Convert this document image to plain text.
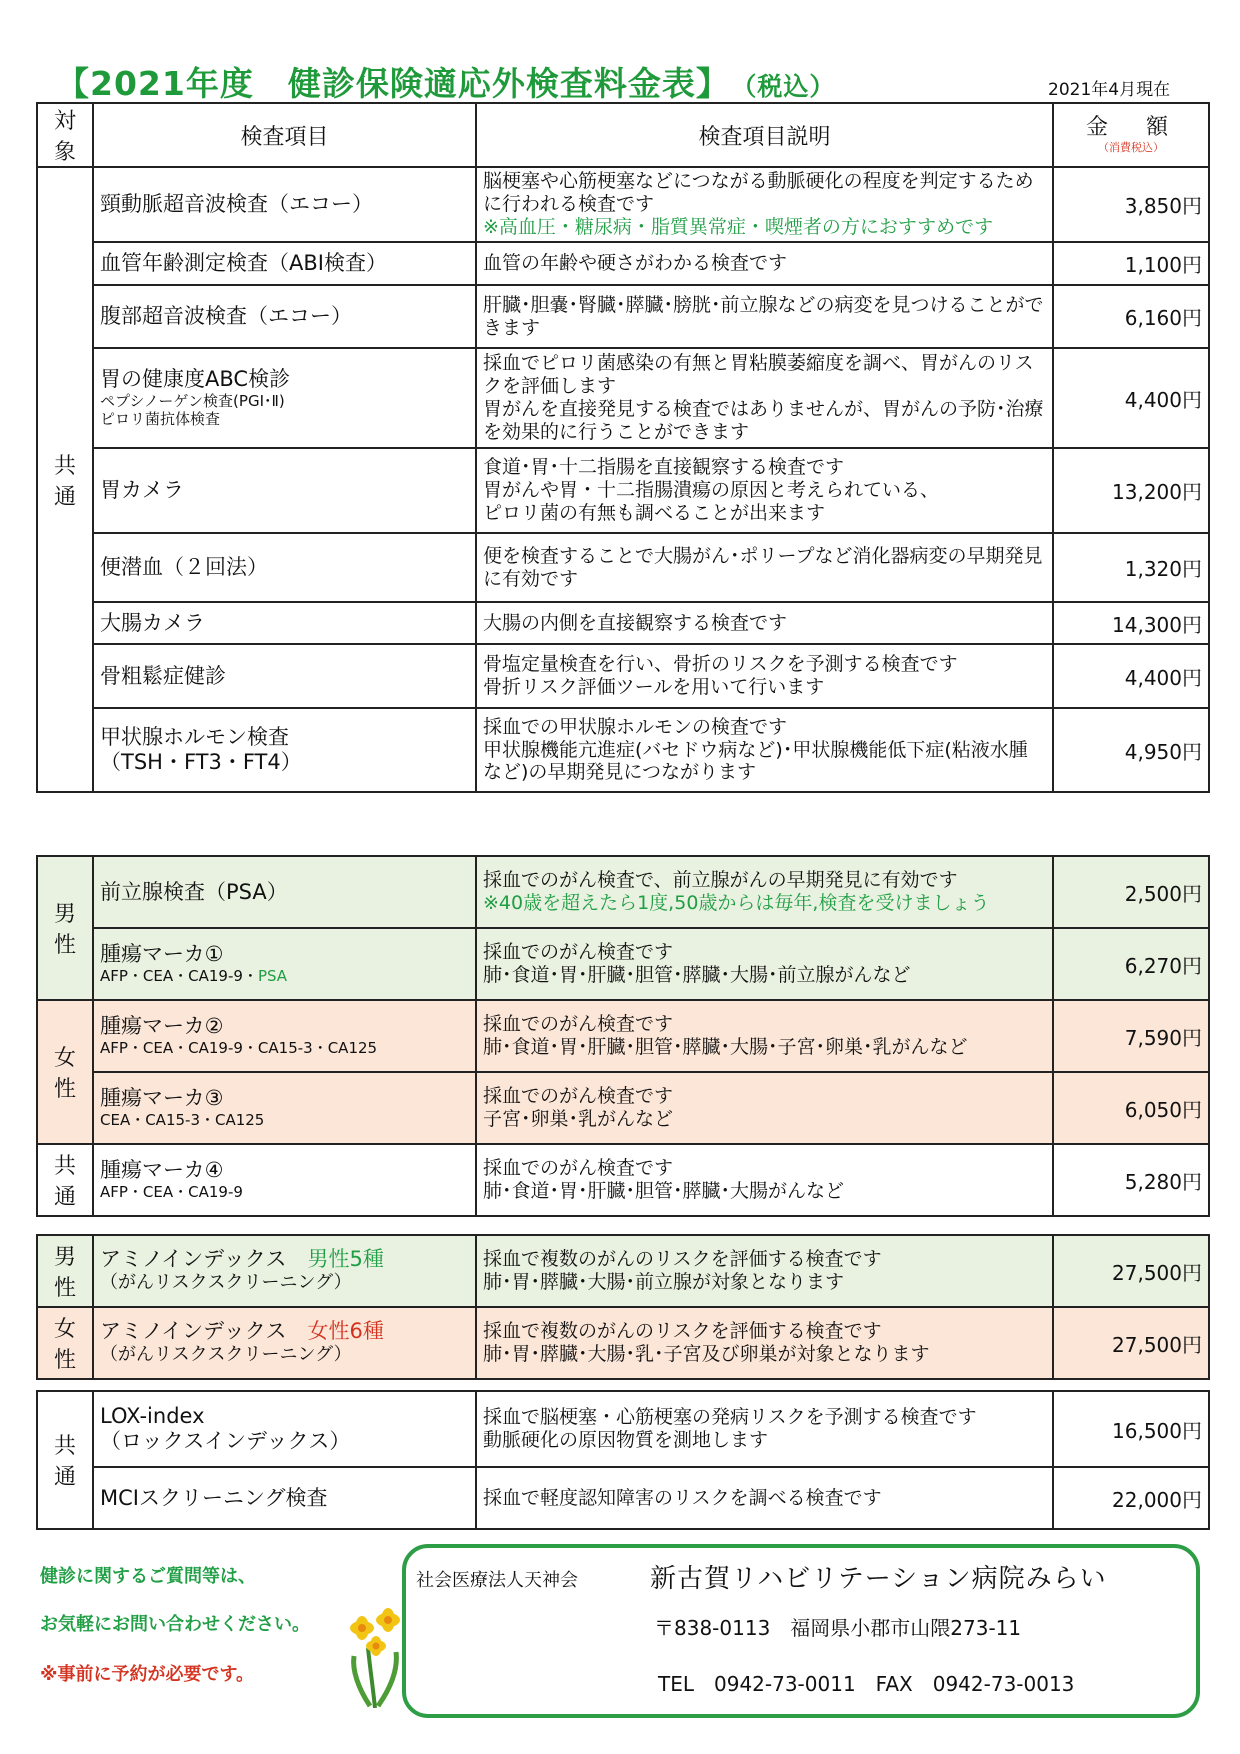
【2021年度　健診保険適応外検査料金表】 （税込）	2021年4月現在
対象	検査項目	検査項目説明	金　額
（消費税込）

共通	頸動脈超音波検査（エコー）	脳梗塞や心筋梗塞などにつながる動脈硬化の程度を判定するために行われる検査です
※高血圧・糖尿病・脂質異常症・喫煙者の方におすすめです	3,850円
	血管年齢測定検査（ABI検査）	血管の年齢や硬さがわかる検査です	1,100円
	腹部超音波検査（エコー）	肝臓･胆嚢･腎臓･膵臓･膀胱･前立腺などの病変を見つけることができます	6,160円
	胃の健康度ABC検診
ペプシノーゲン検査(PGⅠ･Ⅱ)
ピロリ菌抗体検査	採血でピロリ菌感染の有無と胃粘膜萎縮度を調べ、胃がんのリスクを評価します
胃がんを直接発見する検査ではありませんが、胃がんの予防･治療を効果的に行うことができます	4,400円
	胃カメラ	食道･胃･十二指腸を直接観察する検査です
胃がんや胃・十二指腸潰瘍の原因と考えられている、
ピロリ菌の有無も調べることが出来ます	13,200円
	便潜血（２回法）	便を検査することで大腸がん･ポリープなど消化器病変の早期発見に有効です	1,320円
	大腸カメラ	大腸の内側を直接観察する検査です	14,300円
	骨粗鬆症健診	骨塩定量検査を行い、骨折のリスクを予測する検査です
骨折リスク評価ツールを用いて行います	4,400円
	甲状腺ホルモン検査
（TSH・FT3・FT4）	採血での甲状腺ホルモンの検査です
甲状腺機能亢進症(バセドウ病など)･甲状腺機能低下症(粘液水腫など)の早期発見につながります	4,950円
男性	前立腺検査（PSA）	採血でのがん検査で、前立腺がんの早期発見に有効です
※40歳を超えたら1度,50歳からは毎年,検査を受けましょう	2,500円
	腫瘍マーカ①
AFP・CEA・CA19-9・PSA	採血でのがん検査です
肺･食道･胃･肝臓･胆管･膵臓･大腸･前立腺がんなど	6,270円
女性	腫瘍マーカ②
AFP・CEA・CA19-9・CA15-3・CA125	採血でのがん検査です
肺･食道･胃･肝臓･胆管･膵臓･大腸･子宮･卵巣･乳がんなど	7,590円
	腫瘍マーカ③
CEA・CA15-3・CA125	採血でのがん検査です
子宮･卵巣･乳がんなど	6,050円
共通	腫瘍マーカ④
AFP・CEA・CA19-9	採血でのがん検査です
肺･食道･胃･肝臓･胆管･膵臓･大腸がんなど	5,280円
男性	アミノインデックス　 男性5種
（がんリスクスクリーニング）	採血で複数のがんのリスクを評価する検査です
肺･胃･膵臓･大腸･前立腺が対象となります	27,500円
女性	アミノインデックス　 女性6種
（がんリスクスクリーニング）	採血で複数のがんのリスクを評価する検査です
肺･胃･膵臓･大腸･乳･子宮及び卵巣が対象となります	27,500円
共通	LOX-index
（ロックスインデックス）	採血で脳梗塞・心筋梗塞の発病リスクを予測する検査です
動脈硬化の原因物質を測地します	16,500円
	MCIスクリーニング検査	採血で軽度認知障害のリスクを調べる検査です	22,000円
健診に関するご質問等は、
お気軽にお問い合わせください。
※事前に予約が必要です。
社会医療法人天神会	新古賀リハビリテーション病院みらい
〒838-0113　福岡県小郡市山隈273-11
TEL　0942-73-0011　FAX　0942-73-0013
